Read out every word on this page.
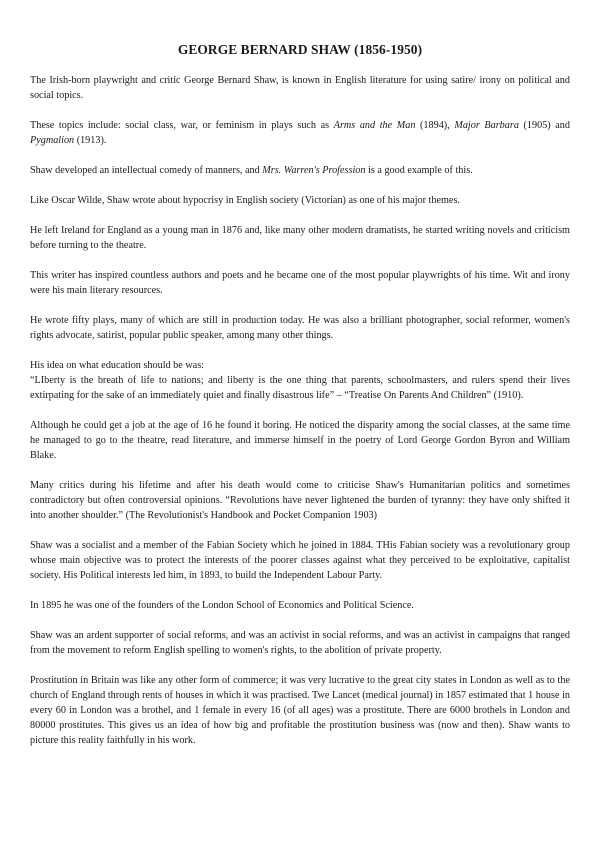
GEORGE BERNARD SHAW (1856-1950)

The Irish-born playwright and critic George Bernard Shaw, is known in English literature for using satire/ irony on political and social topics.

These topics include: social class, war, or feminism in plays such as Arms and the Man (1894), Major Barbara (1905) and Pygmalion (1913).

Shaw developed an intellectual comedy of manners, and Mrs. Warren's Profession is a good example of this.

Like Oscar Wilde, Shaw wrote about hypocrisy in English society (Victorian) as one of his major themes.

He left Ireland for England as a young man in 1876 and, like many other modern dramatists, he started writing novels and criticism before turning to the theatre.

This writer has inspired countless authors and poets and he became one of the most popular playwrights of his time. Wit and irony were his main literary resources.

He wrote fifty plays, many of which are still in production today. He was also a brilliant photographer, social reformer, women's rights advocate, satirist, popular public speaker, among many other things.

His idea on what education should be was:
“LIberty is the breath of life to nations; and liberty is the one thing that parents, schoolmasters, and rulers spend their lives extirpating for the sake of an immediately quiet and finally disastrous life” – “Treatise On Parents And Children” (1910).

Although he could get a job at the age of 16 he found it boring. He noticed the disparity among the social classes, at the same time he managed to go to the theatre, read literature, and immerse himself in the poetry of Lord George Gordon Byron and William Blake.

Many critics during his lifetime and after his death would come to criticise Shaw's Humanitarian politics and sometimes contradictory but often controversial opinions. “Revolutions have never lightened the burden of tyranny: they have only shifted it into another shoulder.” (The Revolutionist's Handbook and Pocket Companion 1903)

Shaw was a socialist and a member of the Fabian Society which he joined in 1884. THis Fabian society was a revolutionary group whose main objective was to protect the interests of the poorer classes against what they perceived to be exploitative, capitalist society. His Political interests led him, in 1893, to build the Independent Labour Party.

In 1895 he was one of the founders of the London School of Economics and Political Science.

Shaw was an ardent supporter of social reforms, and was an activist in social reforms, and was an activist in campaigns that ranged from the movement to reform English spelling to women's rights, to the abolition of private property.

Prostitution in Britain was like any other form of commerce; it was very lucrative to the great city states in London as well as to the church of England through rents of houses in which it was practised. Twe Lancet (medical journal) in 1857 estimated that 1 house in every 60 in London was a brothel, and 1 female in every 16 (of all ages) was a prostitute. There are 6000 brothels in London and 80000 prostitutes. This gives us an idea of how big and profitable the prostitution business was (now and then). Shaw wants to picture this reality faithfully in his work.
